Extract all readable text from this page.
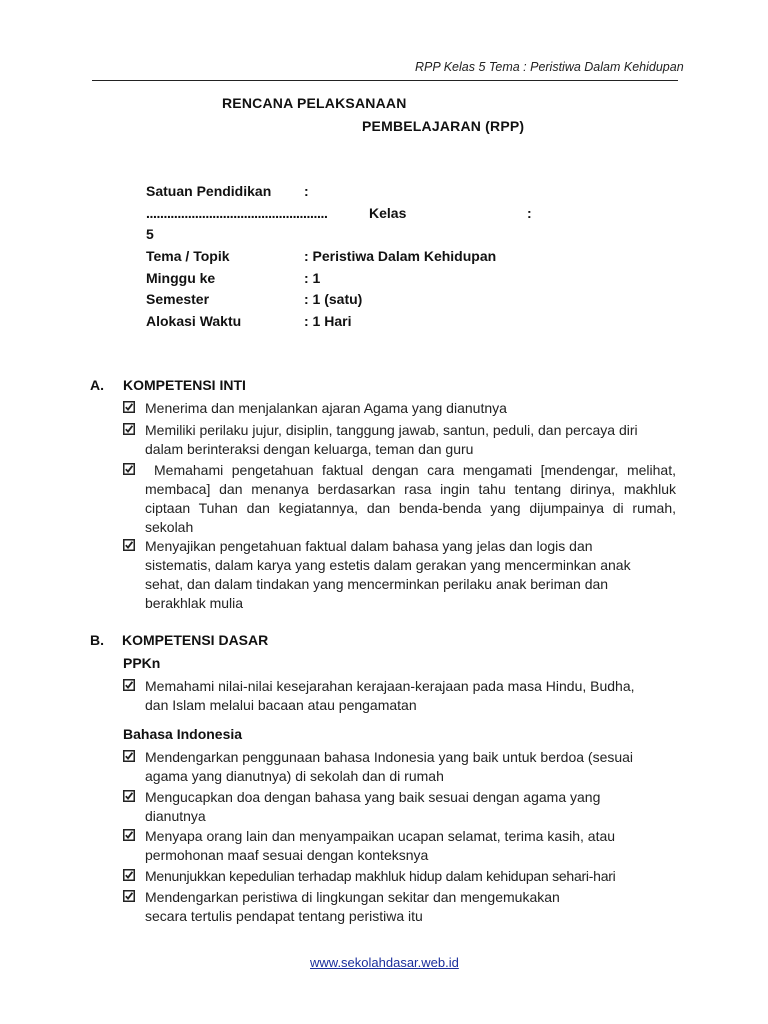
RPP Kelas 5 Tema : Peristiwa Dalam Kehidupan
RENCANA PELAKSANAAN
PEMBELAJARAN (RPP)
Satuan Pendidikan :
....................................................	Kelas	:
5
Tema / Topik	: Peristiwa Dalam Kehidupan
Minggu ke	: 1
Semester	: 1 (satu)
Alokasi Waktu	: 1 Hari
A. KOMPETENSI INTI
Menerima dan menjalankan ajaran Agama yang dianutnya
Memiliki perilaku jujur, disiplin, tanggung jawab, santun, peduli, dan percaya diri dalam berinteraksi dengan keluarga, teman dan guru
Memahami pengetahuan faktual dengan cara mengamati [mendengar, melihat, membaca] dan menanya berdasarkan rasa ingin tahu tentang dirinya, makhluk ciptaan Tuhan dan kegiatannya, dan benda-benda yang dijumpainya di rumah, sekolah
Menyajikan pengetahuan faktual dalam bahasa yang jelas dan logis dan sistematis, dalam karya yang estetis dalam gerakan yang mencerminkan anak sehat, dan dalam tindakan yang mencerminkan perilaku anak beriman dan berakhlak mulia
B. KOMPETENSI DASAR
PPKn
Memahami nilai-nilai kesejarahan kerajaan-kerajaan pada masa Hindu, Budha, dan Islam melalui bacaan atau pengamatan
Bahasa Indonesia
Mendengarkan penggunaan bahasa Indonesia yang baik untuk berdoa (sesuai agama yang dianutnya) di sekolah dan di rumah
Mengucapkan doa dengan bahasa yang baik sesuai dengan agama yang dianutnya
Menyapa orang lain dan menyampaikan ucapan selamat, terima kasih, atau permohonan maaf sesuai dengan konteksnya
Menunjukkan kepedulian terhadap makhluk hidup dalam kehidupan sehari-hari
Mendengarkan peristiwa di lingkungan sekitar dan mengemukakan secara tertulis pendapat tentang peristiwa itu
www.sekolahdasar.web.id
